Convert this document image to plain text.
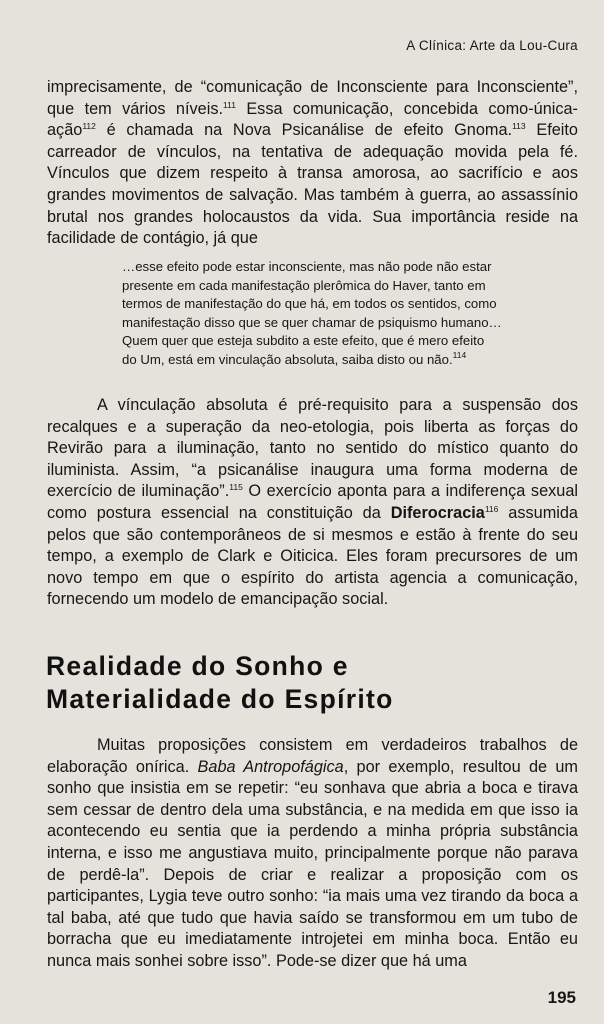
A Clínica: Arte da Lou-Cura

imprecisamente, de “comunicação de Inconsciente para Inconsciente”, que tem vários níveis.$^{111}$ Essa comunicação, concebida como-única-ação$^{112}$ é chamada na Nova Psicanálise de efeito Gnoma.$^{113}$ Efeito carreador de vínculos, na tentativa de adequação movida pela fé. Vínculos que dizem respeito à transa amorosa, ao sacrifício e aos grandes movimentos de salvação. Mas também à guerra, ao assassínio brutal nos grandes holocaustos da vida. Sua importância reside na facilidade de contágio, já que

…esse efeito pode estar inconsciente, mas não pode não estar presente em cada manifestação plerômica do Haver, tanto em termos de manifestação do que há, em todos os sentidos, como manifestação disso que se quer chamar de psiquismo humano… Quem quer que esteja subdito a este efeito, que é mero efeito do Um, está em vinculação absoluta, saiba disto ou não.$^{114}$

A vínculação absoluta é pré-requisito para a suspensão dos recalques e a superação da neo-etologia, pois liberta as forças do Revirão para a iluminação, tanto no sentido do místico quanto do iluminista. Assim, “a psicanálise inaugura uma forma moderna de exercício de iluminação”.$^{115}$ O exercício aponta para a indiferença sexual como postura essencial na constituição da Diferocracia$^{116}$ assumida pelos que são contemporâneos de si mesmos e estão à frente do seu tempo, a exemplo de Clark e Oiticica. Eles foram precursores de um novo tempo em que o espírito do artista agencia a comunicação, fornecendo um modelo de emancipação social.

Realidade do Sonho e
Materialidade do Espírito

Muitas proposições consistem em verdadeiros trabalhos de elaboração onírica. Baba Antropofágica, por exemplo, resultou de um sonho que insistia em se repetir: “eu sonhava que abria a boca e tirava sem cessar de dentro dela uma substância, e na medida em que isso ia acontecendo eu sentia que ia perdendo a minha própria substância interna, e isso me angustiava muito, principalmente porque não parava de perdê-la”. Depois de criar e realizar a proposição com os participantes, Lygia teve outro sonho: “ia mais uma vez tirando da boca a tal baba, até que tudo que havia saído se transformou em um tubo de borracha que eu imediatamente introjetei em minha boca. Então eu nunca mais sonhei sobre isso”. Pode-se dizer que há uma

195
